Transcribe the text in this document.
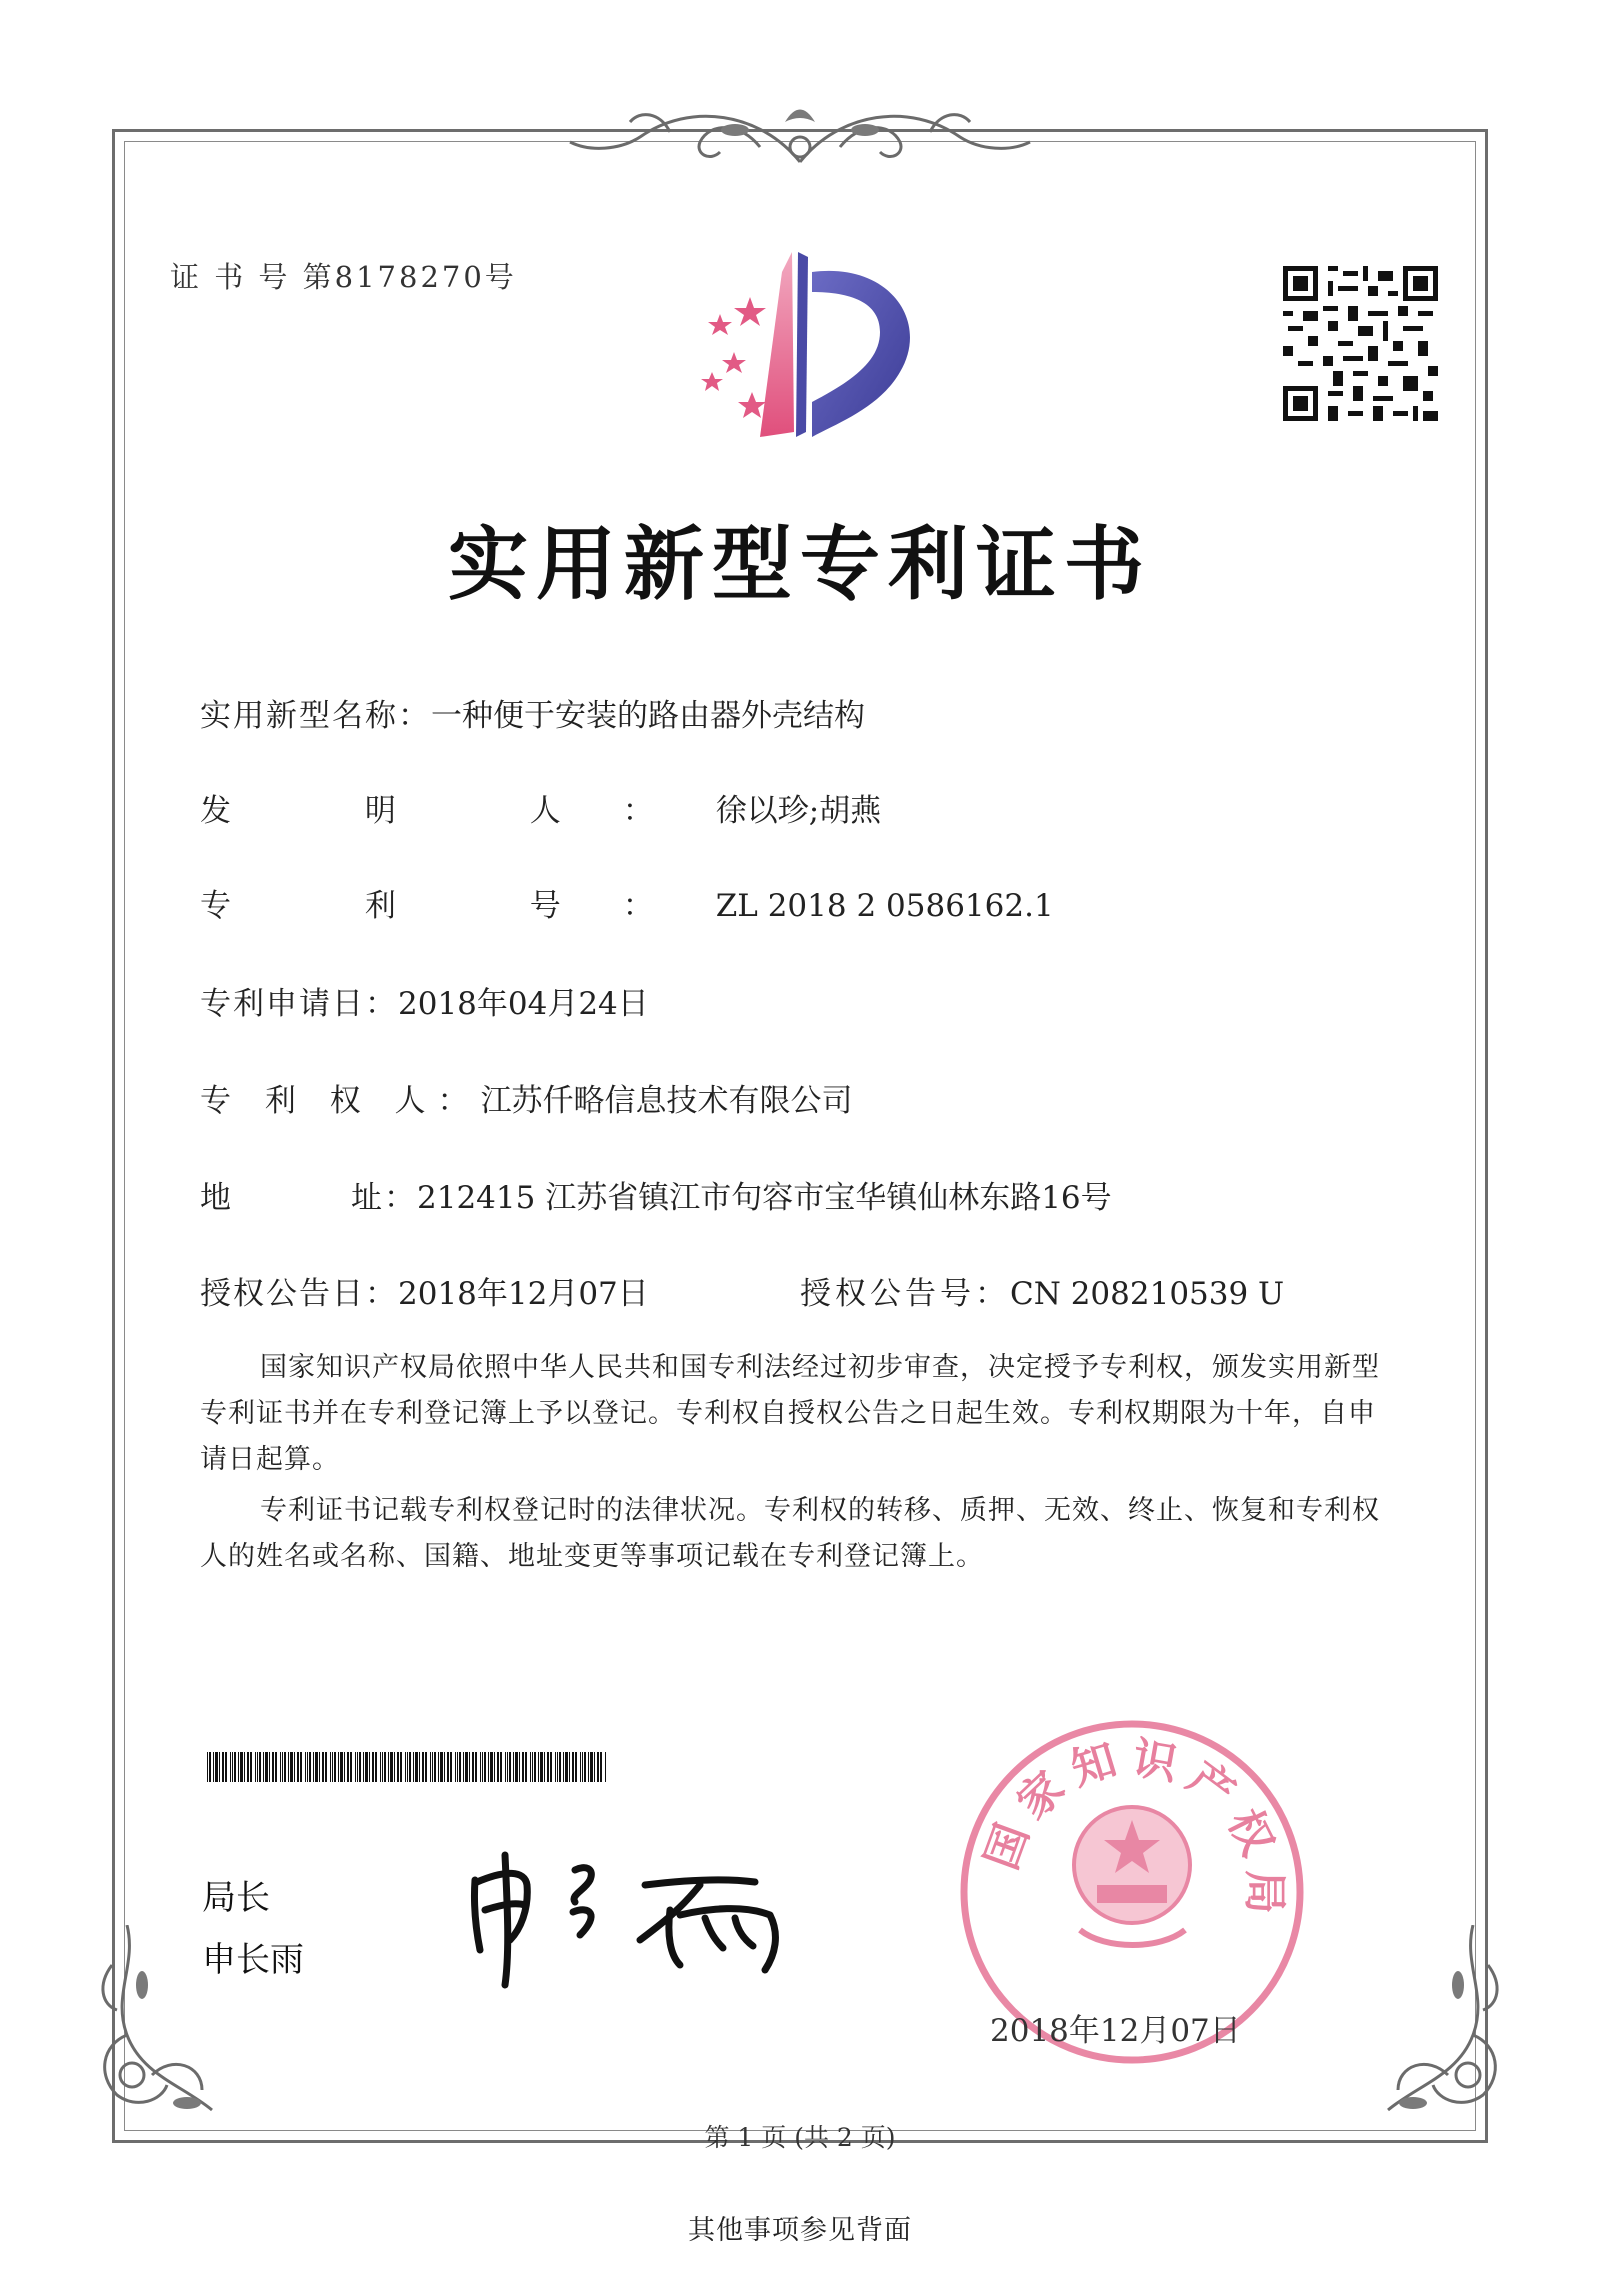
证 书 号 第8178270号
实用新型专利证书
实用新型名称：一种便于安装的路由器外壳结构
发 明 人：徐以珍;胡燕
专 利 号：ZL 2018 2 0586162.1
专利申请日：2018年04月24日
专 利 权 人：江苏仟略信息技术有限公司
地	址：212415 江苏省镇江市句容市宝华镇仙林东路16号
授权公告日：2018年12月07日	授权公告号：CN 208210539 U
国家知识产权局依照中华人民共和国专利法经过初步审查，决定授予专利权，颁发实用新型专利证书并在专利登记簿上予以登记。专利权自授权公告之日起生效。专利权期限为十年，自申请日起算。
专利证书记载专利权登记时的法律状况。专利权的转移、质押、无效、终止、恢复和专利权人的姓名或名称、国籍、地址变更等事项记载在专利登记簿上。
局长
申长雨
国
家
知 识
产
权
局
2018年12月07日
第 1 页 (共 2 页)
其他事项参见背面
